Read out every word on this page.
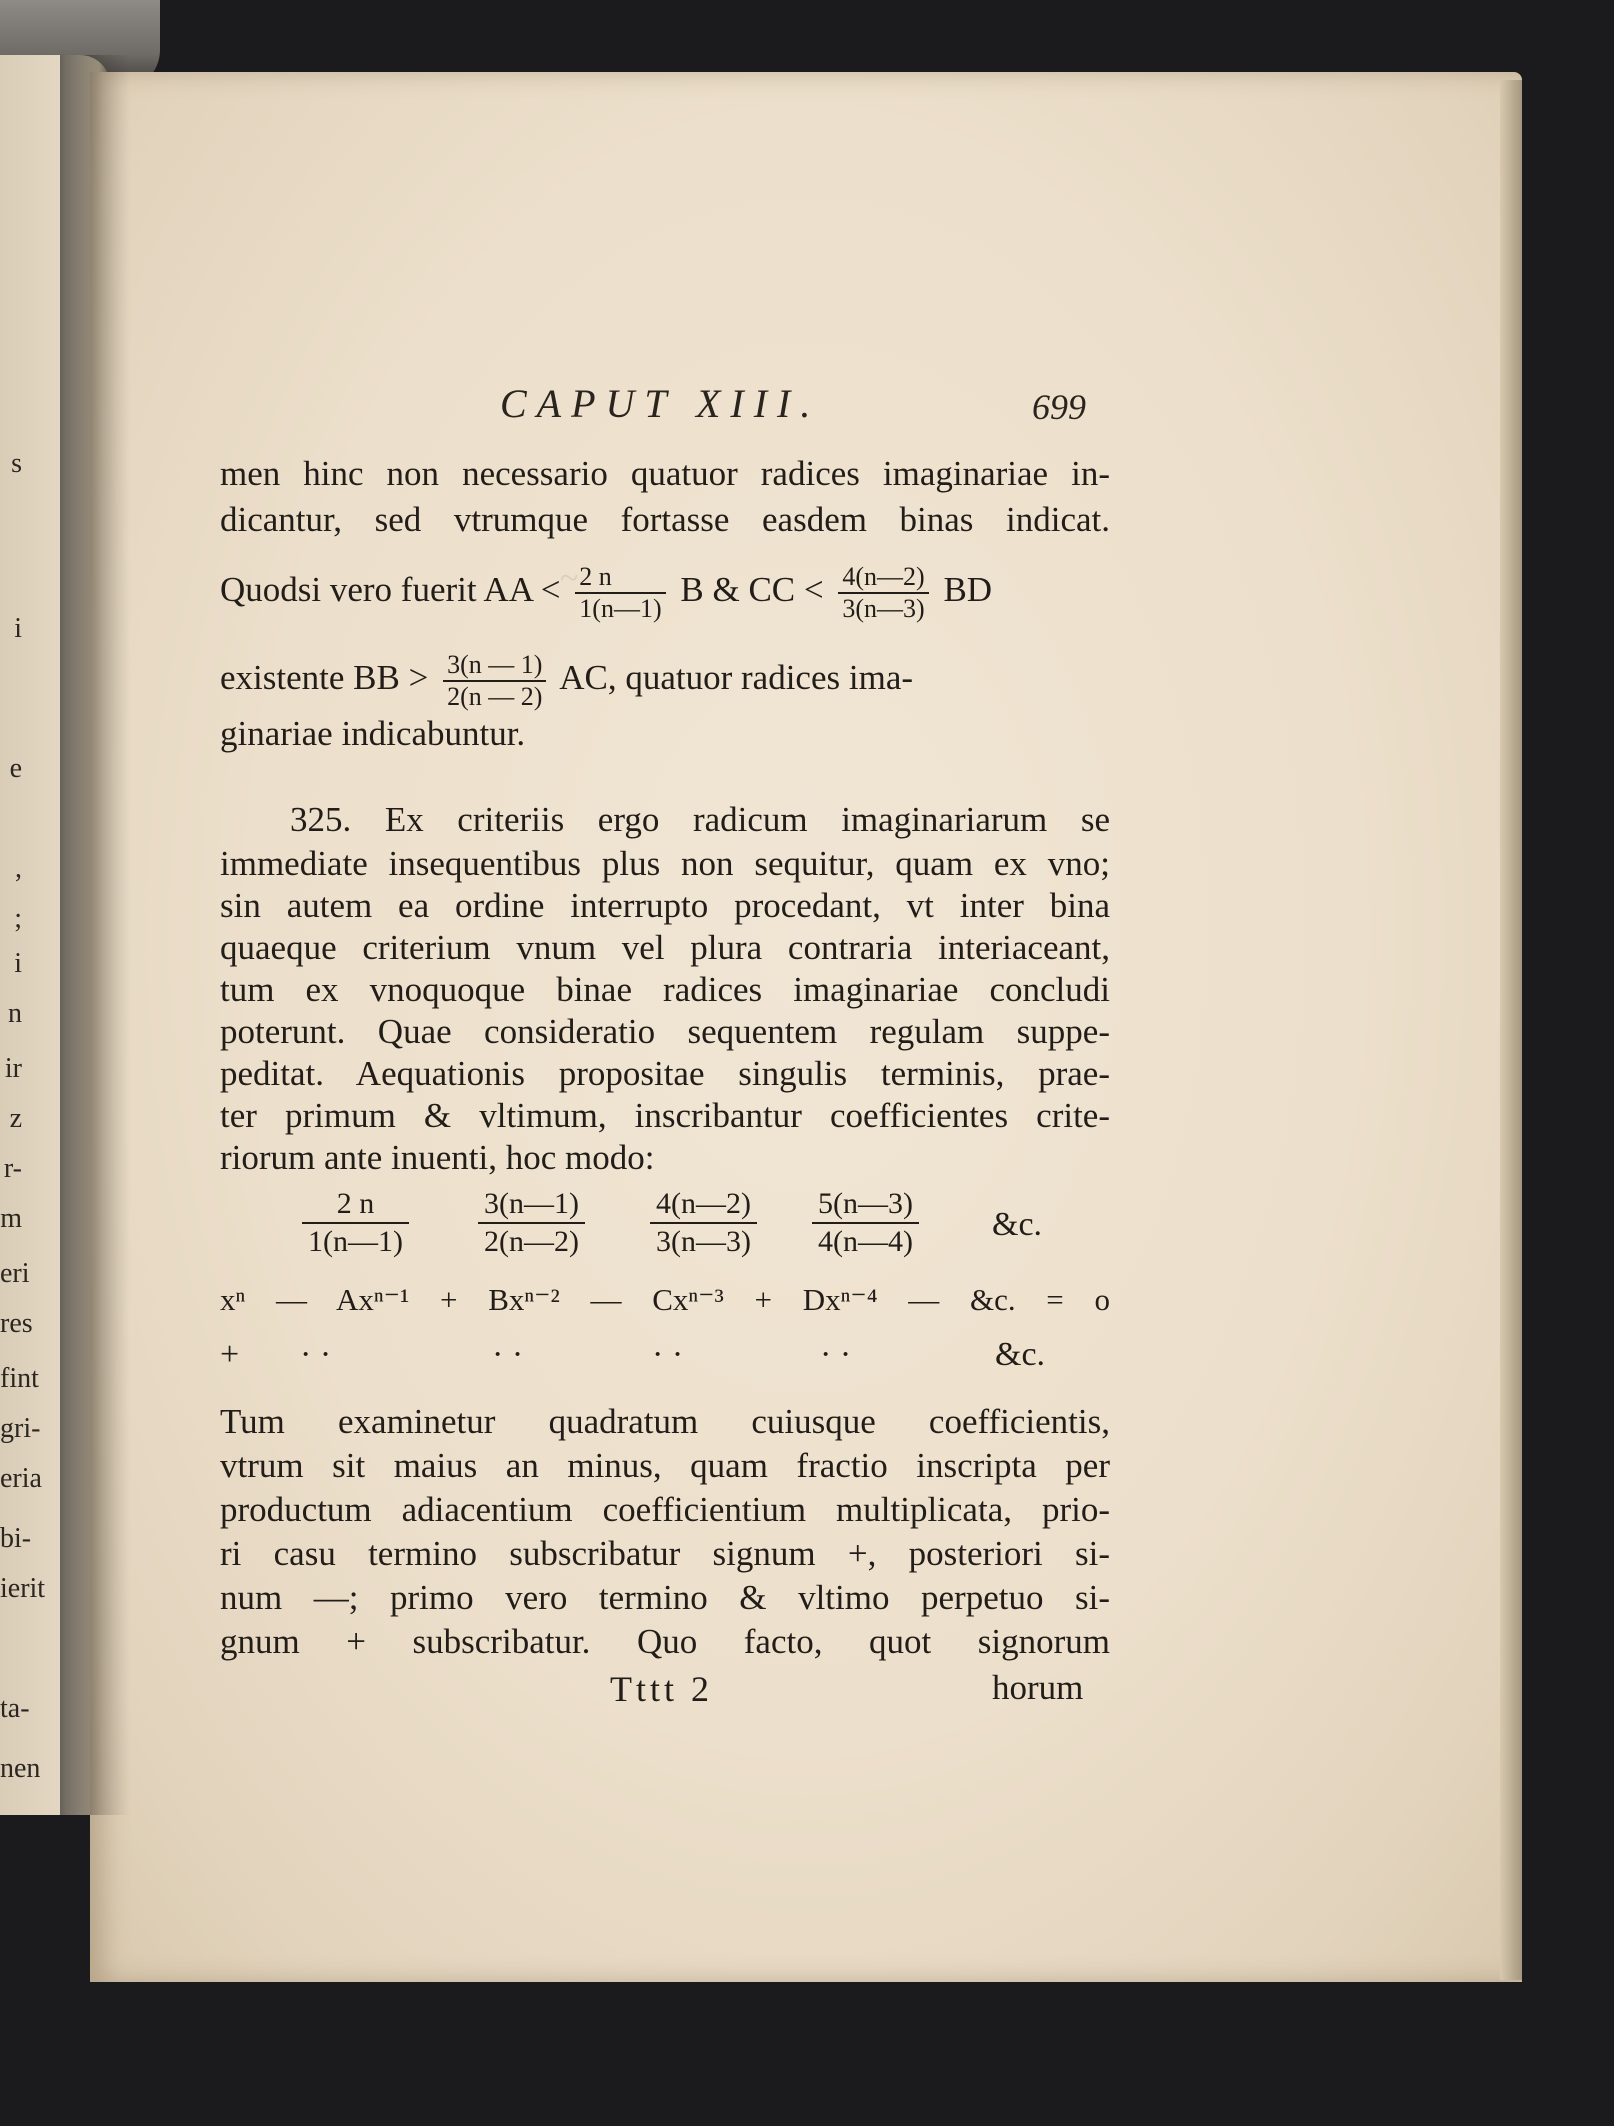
s
i
e
,
;
i
n
ir
z
r-
m
eri
res
fint
gri-
eria
bi-
ierit
ta-
nen
~
CAPUT XIII.	699
men hinc non necessario quatuor radices imaginariae in-
dicantur, sed vtrumque fortasse easdem binas indicat.
Quodsi vero fuerit AA < $\frac{2 n}{1(n—1)}$ B & CC < $\frac{4(n—2)}{3(n—3)}$ BD
existente BB > $\frac{3(n — 1)}{2(n — 2)}$ AC, quatuor radices ima-
ginariae indicabuntur.
325. Ex criteriis ergo radicum imaginariarum se
immediate insequentibus plus non sequitur, quam ex vno;
sin autem ea ordine interrupto procedant, vt inter bina
quaeque criterium vnum vel plura contraria interiaceant,
tum ex vnoquoque binae radices imaginariae concludi
poterunt. Quae consideratio sequentem regulam suppe-
peditat. Aequationis propositae singulis terminis, prae-
ter primum & vltimum, inscribantur coefficientes crite-
riorum ante inuenti, hoc modo:
$\frac{2 n}{1(n—1)} \frac{3(n—1)}{2(n—2)} \frac{4(n—2)}{3(n—3)} \frac{5(n—3)}{4(n—4)}$ &c.
xⁿ — Axⁿ⁻¹ + Bxⁿ⁻² — Cxⁿ⁻³ + Dxⁿ⁻⁴ — &c. = o
+ · ·	· ·	· ·	· ·	&c.
Tum examinetur quadratum cuiusque coefficientis,
vtrum sit maius an minus, quam fractio inscripta per
productum adiacentium coefficientium multiplicata, prio-
ri casu termino subscribatur signum +, posteriori si-
num —; primo vero termino & vltimo perpetuo si-
gnum + subscribatur. Quo facto, quot signorum
Tttt 2	horum
